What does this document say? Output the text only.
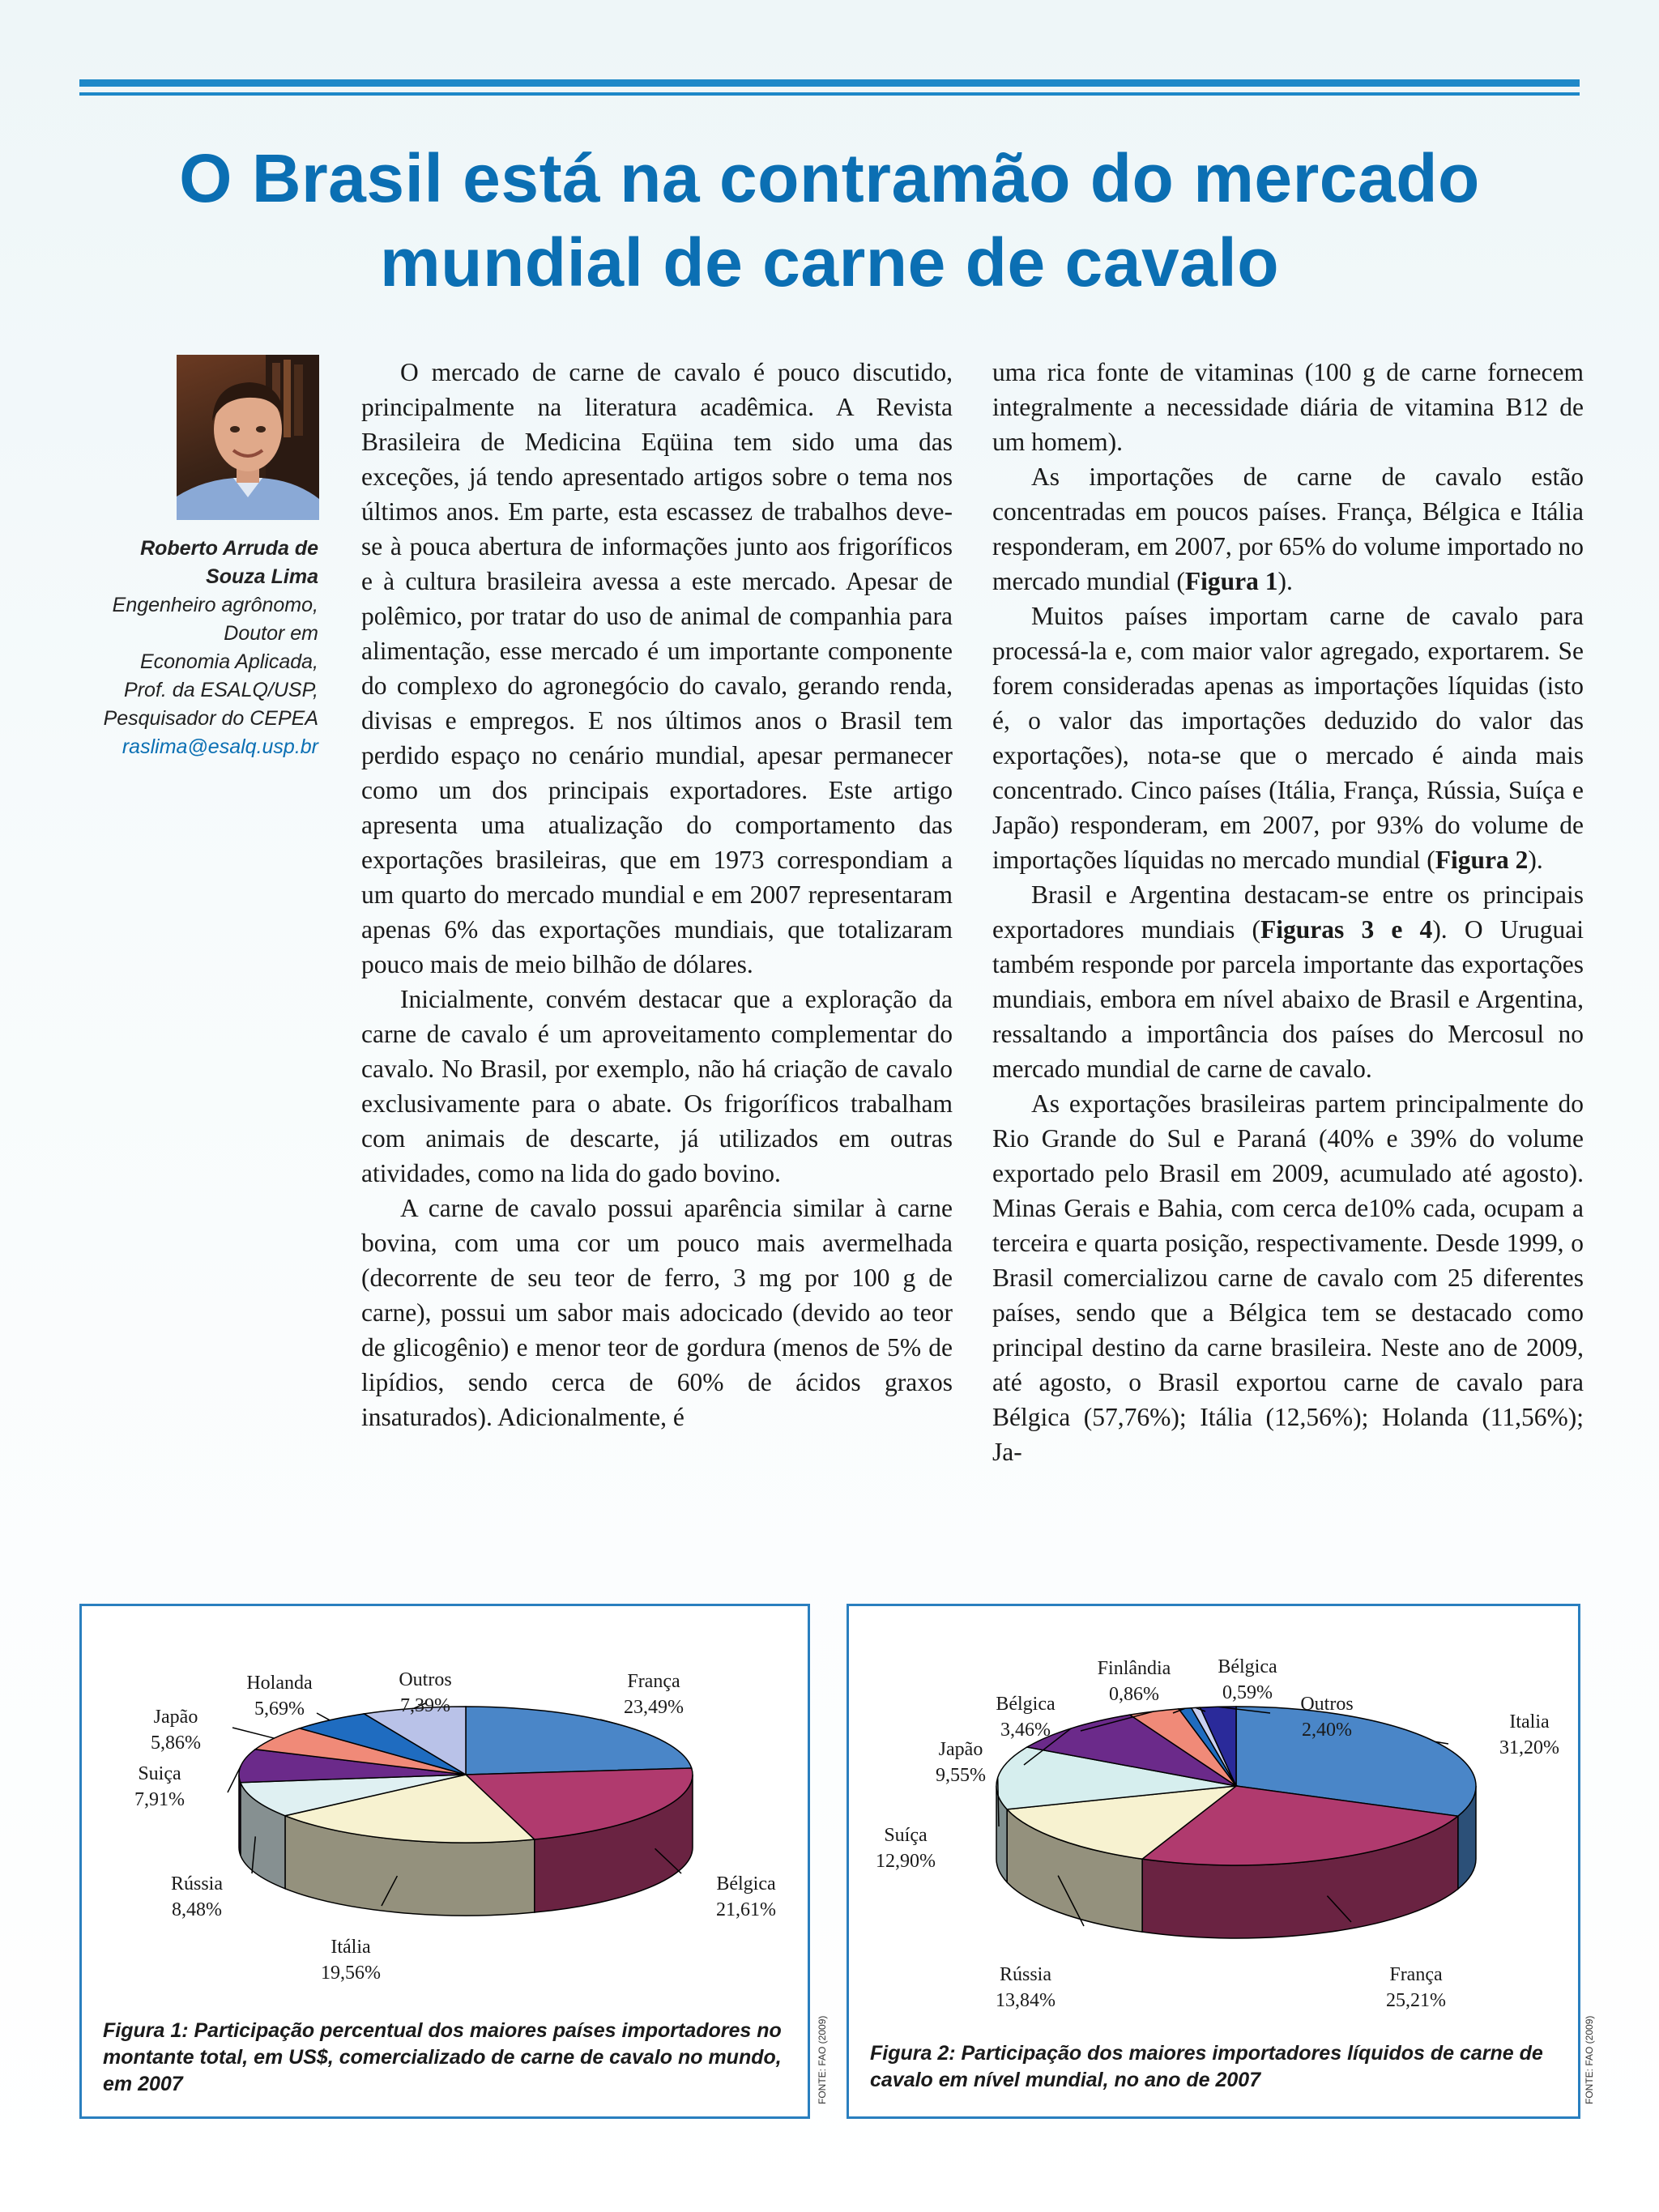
O Brasil está na contramão do mercado
mundial de carne de cavalo
Roberto Arruda de
Souza Lima
Engenheiro agrônomo,
Doutor em
Economia Aplicada,
Prof. da ESALQ/USP,
Pesquisador do CEPEA
raslima@esalq.usp.br

O mercado de carne de cavalo é pouco discutido, principalmente na literatura acadêmica. A Revista Brasileira de Medicina Eqüina tem sido uma das exceções, já tendo apresentado artigos sobre o tema nos últimos anos. Em parte, esta escassez de trabalhos deve-se à pouca abertura de informações junto aos frigoríficos e à cultura brasileira avessa a este mercado. Apesar de polêmico, por tratar do uso de animal de companhia para alimentação, esse mercado é um importante componente do complexo do agronegócio do cavalo, gerando renda, divisas e empregos. E nos últimos anos o Brasil tem perdido espaço no cenário mundial, apesar permanecer como um dos principais exportadores. Este artigo apresenta uma atualização do comportamento das exportações brasileiras, que em 1973 correspondiam a um quarto do mercado mundial e em 2007 representaram apenas 6% das exportações mundiais, que totalizaram pouco mais de meio bilhão de dólares.

Inicialmente, convém destacar que a exploração da carne de cavalo é um aproveitamento complementar do cavalo. No Brasil, por exemplo, não há criação de cavalo exclusivamente para o abate. Os frigoríficos trabalham com animais de descarte, já utilizados em outras atividades, como na lida do gado bovino.

A carne de cavalo possui aparência similar à carne bovina, com uma cor um pouco mais avermelhada (decorrente de seu teor de ferro, 3 mg por 100 g de carne), possui um sabor mais adocicado (devido ao teor de glicogênio) e menor teor de gordura (menos de 5% de lipídios, sendo cerca de 60% de ácidos graxos insaturados). Adicionalmente, é

uma rica fonte de vitaminas (100 g de carne fornecem integralmente a necessidade diária de vitamina B12 de um homem).

As importações de carne de cavalo estão concentradas em poucos países. França, Bélgica e Itália responderam, em 2007, por 65% do volume importado no mercado mundial (Figura 1).

Muitos países importam carne de cavalo para processá-la e, com maior valor agregado, exportarem. Se forem consideradas apenas as importações líquidas (isto é, o valor das importações deduzido do valor das exportações), nota-se que o mercado é ainda mais concentrado. Cinco países (Itália, França, Rússia, Suíça e Japão) responderam, em 2007, por 93% do volume de importações líquidas no mercado mundial (Figura 2).

Brasil e Argentina destacam-se entre os principais exportadores mundiais (Figuras 3 e 4). O Uruguai também responde por parcela importante das exportações mundiais, embora em nível abaixo de Brasil e Argentina, ressaltando a importância dos países do Mercosul no mercado mundial de carne de cavalo.

As exportações brasileiras partem principalmente do Rio Grande do Sul e Paraná (40% e 39% do volume exportado pelo Brasil em 2009, acumulado até agosto). Minas Gerais e Bahia, com cerca de10% cada, ocupam a terceira e quarta posição, respectivamente. Desde 1999, o Brasil comercializou carne de cavalo com 25 diferentes países, sendo que a Bélgica tem se destacado como principal destino da carne brasileira. Neste ano de 2009, até agosto, o Brasil exportou carne de cavalo para Bélgica (57,76%); Itália (12,56%); Holanda (11,56%); Ja-

França
23,49%
Bélgica
21,61%
Itália
19,56%
Rússia
8,48%
Suiça
7,91%
Japão
5,86%
Holanda
5,69%
Outros
7,39%

Figura 1: Participação percentual dos maiores países importadores no montante total, em US$, comercializado de carne de cavalo no mundo, em 2007	FONTE: FAO (2009)
Italia
31,20%
França
25,21%
Rússia
13,84%
Suíça
12,90%
Japão
9,55%
Bélgica
3,46%
Finlândia
0,86%
Bélgica
0,59%
Outros
2,40%

Figura 2: Participação dos maiores importadores líquidos de carne de cavalo em nível mundial, no ano de 2007	FONTE: FAO (2009)
